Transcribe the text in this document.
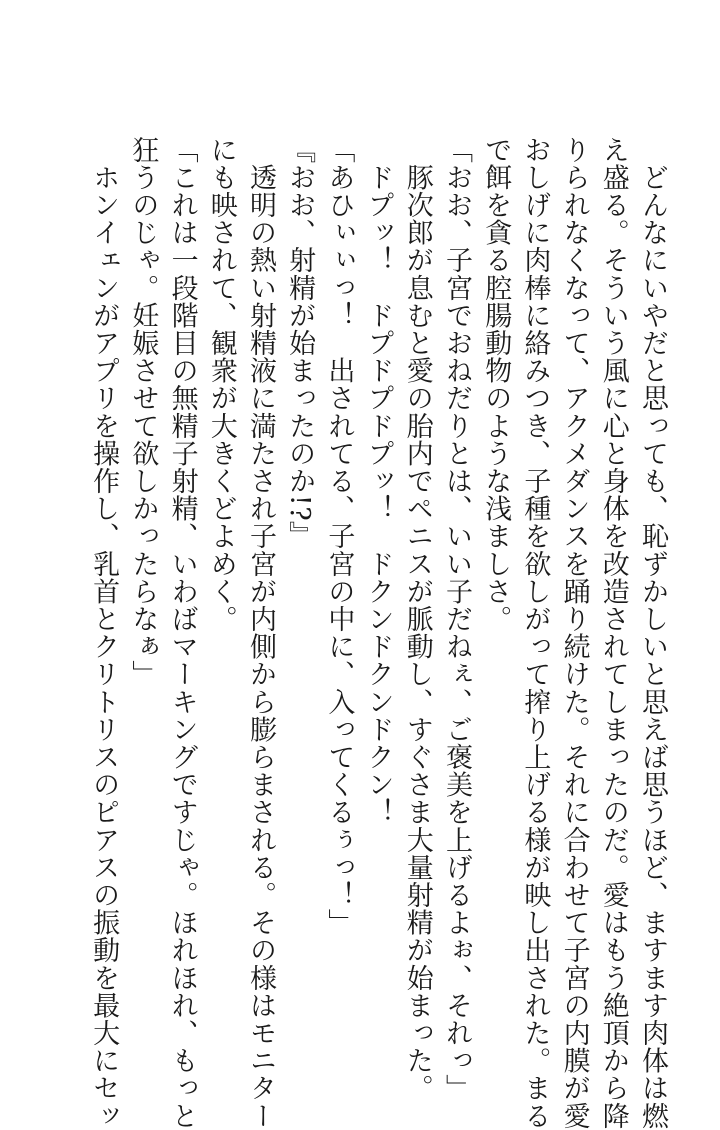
　どんなにいやだと思っても、恥ずかしいと思えば思うほど、ますます肉体は燃
え盛る。そういう風に心と身体を改造されてしまったのだ。愛はもう絶頂から降
りられなくなって、アクメダンスを踊り続けた。それに合わせて子宮の内膜が愛
おしげに肉棒に絡みつき、子種を欲しがって搾り上げる様が映し出された。まる
で餌を貪る腔腸動物のような浅ましさ。
「おお、子宮でおねだりとは、いい子だねぇ、ご褒美を上げるよぉ、それっ」
　豚次郎が息むと愛の胎内でペニスが脈動し、すぐさま大量射精が始まった。
　ドプッ！　ドプドプドプッ！　ドクンドクンドクン！
「あひぃぃっ！　出されてる、子宮の中に、入ってくるぅっ！」
『おお、射精が始まったのか!?』
　透明の熱い射精液に満たされ子宮が内側から膨らまされる。その様はモニター
にも映されて、観衆が大きくどよめく。
「これは一段階目の無精子射精、いわばマーキングですじゃ。ほれほれ、もっと
狂うのじゃ。妊娠させて欲しかったらなぁ」
　ホンイェンがアプリを操作し、乳首とクリトリスのピアスの振動を最大にセッ
